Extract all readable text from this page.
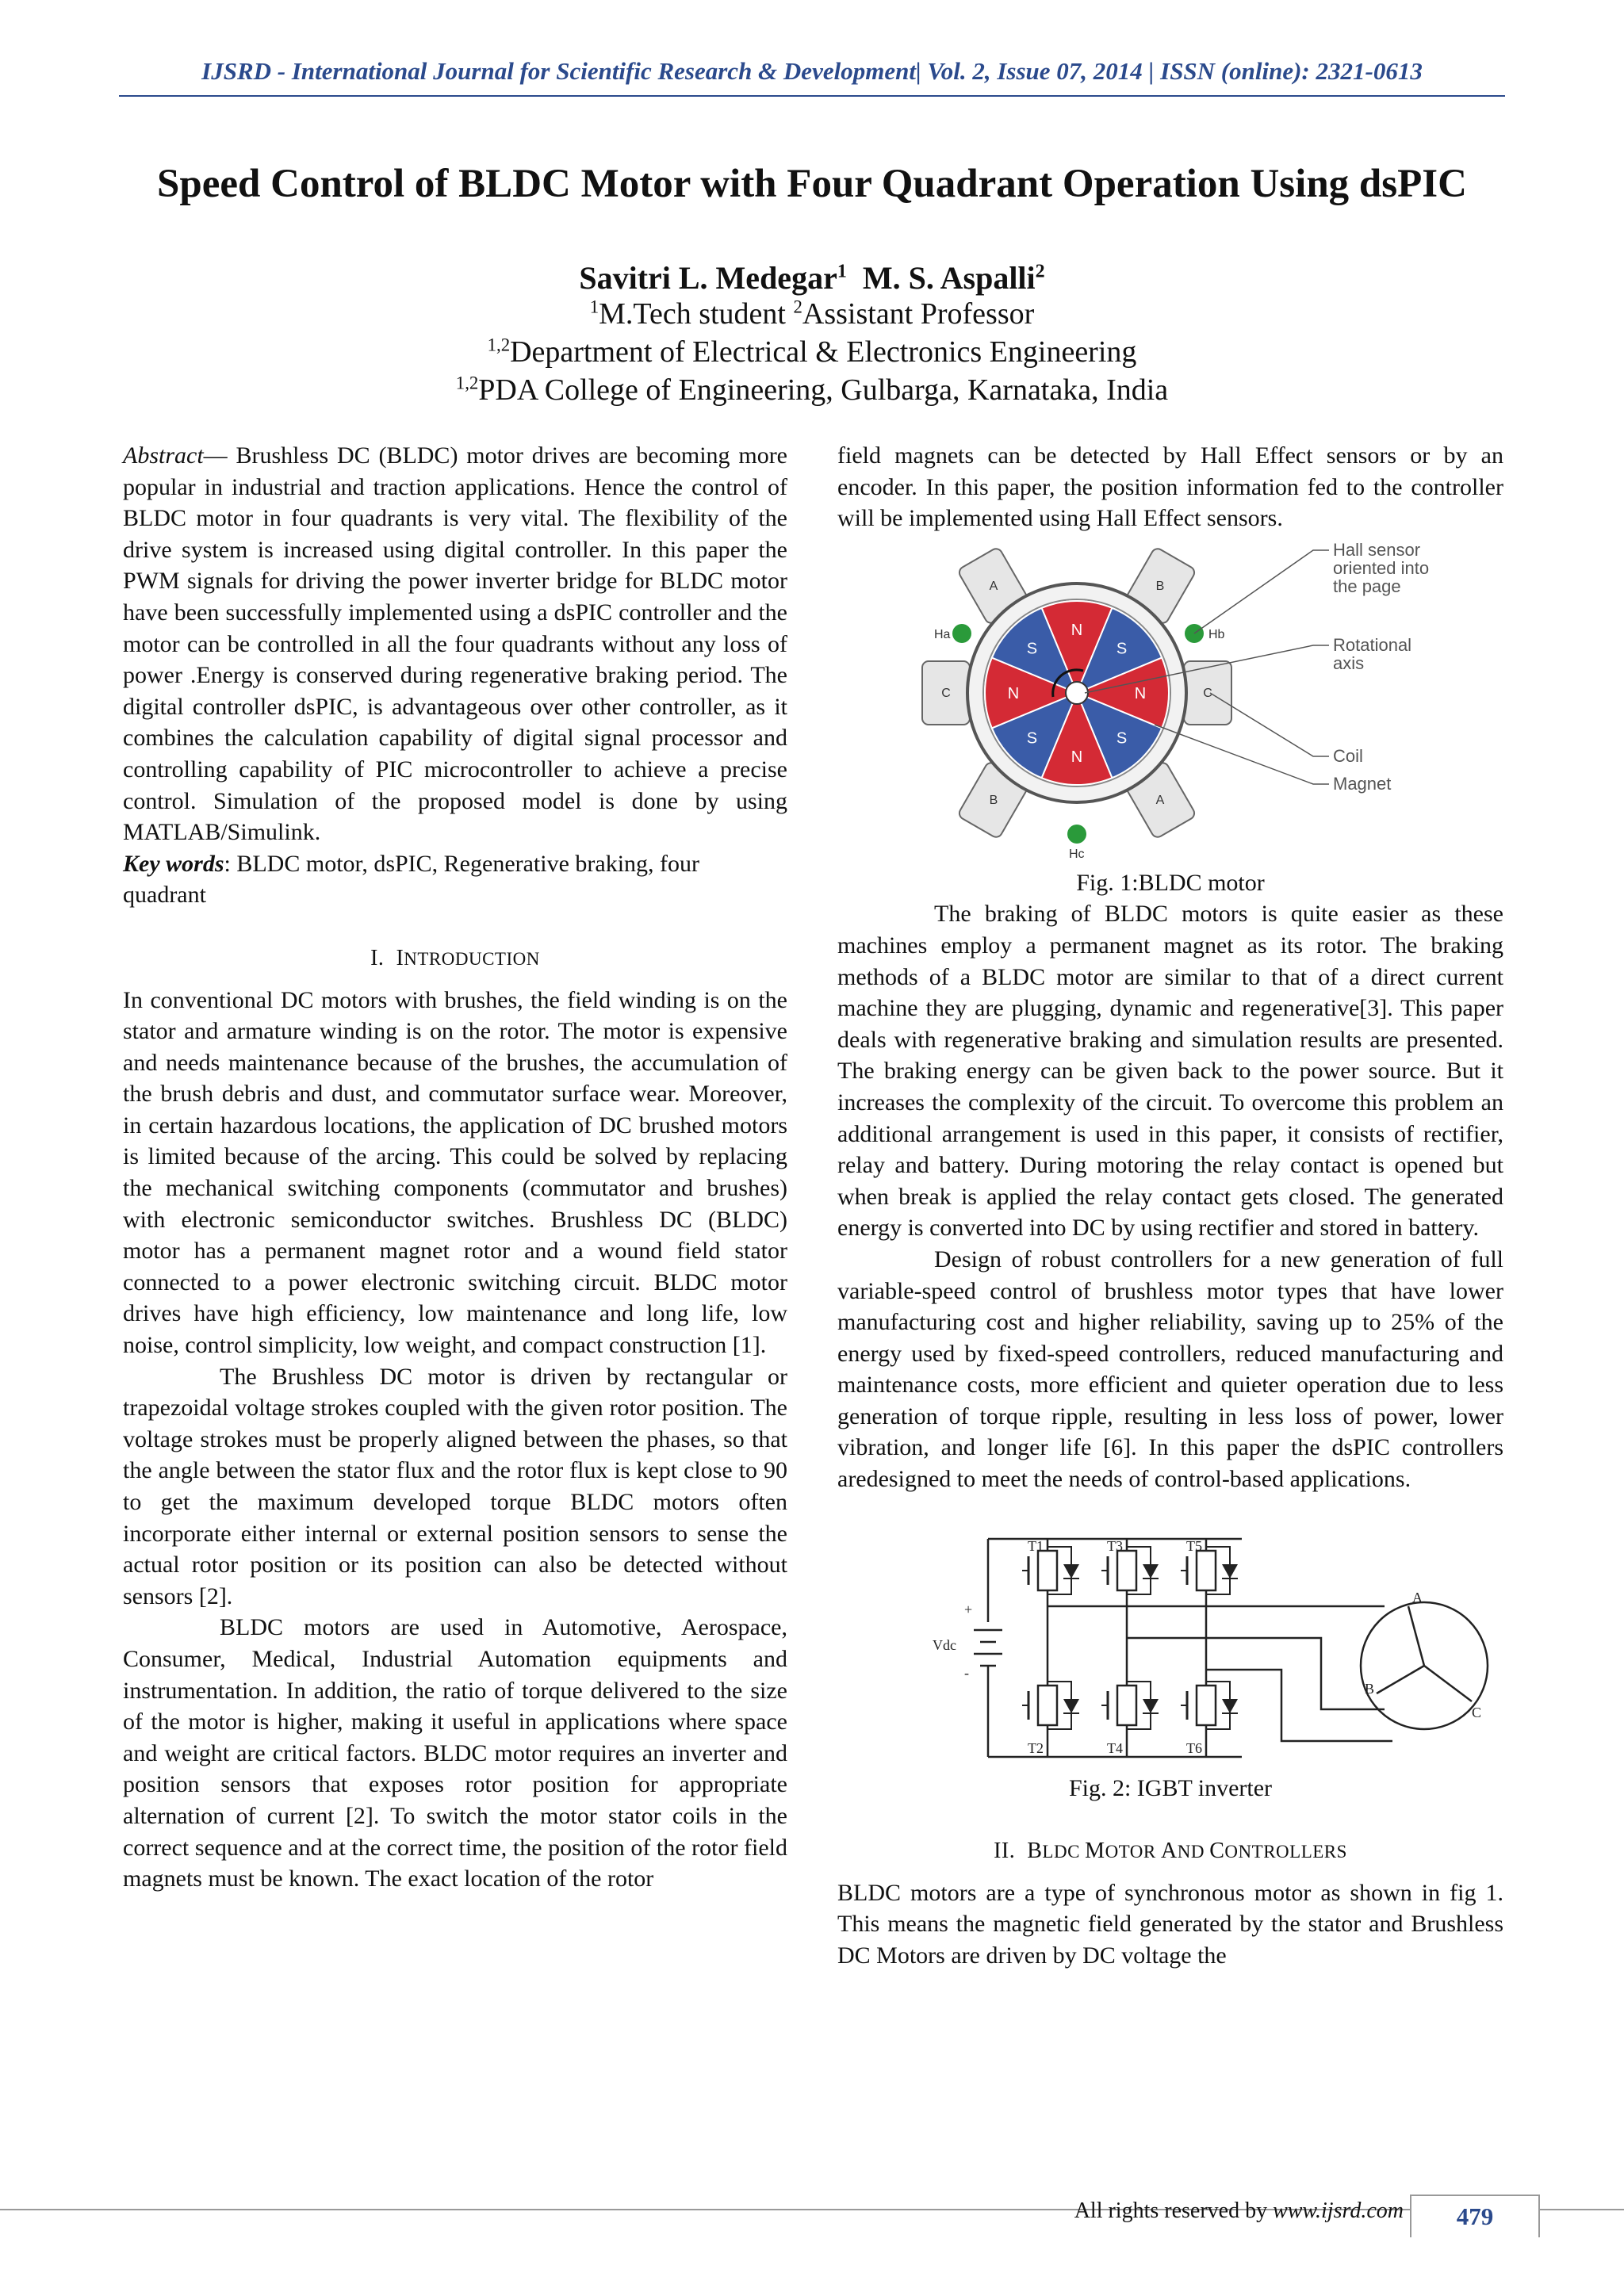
IJSRD - International Journal for Scientific Research & Development| Vol. 2, Issue 07, 2014 | ISSN (online): 2321-0613
Speed Control of BLDC Motor with Four Quadrant Operation Using dsPIC
Savitri L. Medegar$^1$ M. S. Aspalli$^2$
$^1$M.Tech student $^2$Assistant Professor
$^{1,2}$Department of Electrical & Electronics Engineering
$^{1,2}$PDA College of Engineering, Gulbarga, Karnataka, India

Abstract— Brushless DC (BLDC) motor drives are becoming more popular in industrial and traction applications. Hence the control of BLDC motor in four quadrants is very vital. The flexibility of the drive system is increased using digital controller. In this paper the PWM signals for driving the power inverter bridge for BLDC motor have been successfully implemented using a dsPIC controller and the motor can be controlled in all the four quadrants without any loss of power .Energy is conserved during regenerative braking period. The digital controller dsPIC, is advantageous over other controller, as it combines the calculation capability of digital signal processor and controlling capability of PIC microcontroller to achieve a precise control. Simulation of the proposed model is done by using MATLAB/Simulink.

Key words: BLDC motor, dsPIC, Regenerative braking, four quadrant

I. INTRODUCTION

In conventional DC motors with brushes, the field winding is on the stator and armature winding is on the rotor. The motor is expensive and needs maintenance because of the brushes, the accumulation of the brush debris and dust, and commutator surface wear. Moreover, in certain hazardous locations, the application of DC brushed motors is limited because of the arcing. This could be solved by replacing the mechanical switching components (commutator and brushes) with electronic semiconductor switches. Brushless DC (BLDC) motor has a permanent magnet rotor and a wound field stator connected to a power electronic switching circuit. BLDC motor drives have high efficiency, low maintenance and long life, low noise, control simplicity, low weight, and compact construction [1].

The Brushless DC motor is driven by rectangular or trapezoidal voltage strokes coupled with the given rotor position. The voltage strokes must be properly aligned between the phases, so that the angle between the stator flux and the rotor flux is kept close to 90 to get the maximum developed torque BLDC motors often incorporate either internal or external position sensors to sense the actual rotor position or its position can also be detected without sensors [2].

BLDC motors are used in Automotive, Aerospace, Consumer, Medical, Industrial Automation equipments and instrumentation. In addition, the ratio of torque delivered to the size of the motor is higher, making it useful in applications where space and weight are critical factors. BLDC motor requires an inverter and position sensors that exposes rotor position for appropriate alternation of current [2]. To switch the motor stator coils in the correct sequence and at the correct time, the position of the rotor field magnets must be known. The exact location of the rotor

field magnets can be detected by Hall Effect sensors or by an encoder. In this paper, the position information fed to the controller will be implemented using Hall Effect sensors.

A	B
C	C
B	A
N
S
N
S
N
S
N
S
Ha	Hb
Hc
Hall sensor
oriented into
the page
Rotational
axis
Coil
Magnet

Fig. 1:BLDC motor

The braking of BLDC motors is quite easier as these machines employ a permanent magnet as its rotor. The braking methods of a BLDC motor are similar to that of a direct current machine they are plugging, dynamic and regenerative[3]. This paper deals with regenerative braking and simulation results are presented. The braking energy can be given back to the power source. But it increases the complexity of the circuit. To overcome this problem an additional arrangement is used in this paper, it consists of rectifier, relay and battery. During motoring the relay contact is opened but when break is applied the relay contact gets closed. The generated energy is converted into DC by using rectifier and stored in battery.

Design of robust controllers for a new generation of full variable-speed control of brushless motor types that have lower manufacturing cost and higher reliability, saving up to 25% of the energy used by fixed-speed controllers, reduced manufacturing and maintenance costs, more efficient and quieter operation due to less generation of torque ripple, resulting in less loss of power, lower vibration, and longer life [6]. In this paper the dsPIC controllers aredesigned to meet the needs of control-based applications.

T1	T3	T5
T2	T4	T6
Vdc
+
-
A
B
C

Fig. 2: IGBT inverter

II. BLDC MOTOR AND CONTROLLERS

BLDC motors are a type of synchronous motor as shown in fig 1. This means the magnetic field generated by the stator and Brushless DC Motors are driven by DC voltage the

All rights reserved by www.ijsrd.com	479
